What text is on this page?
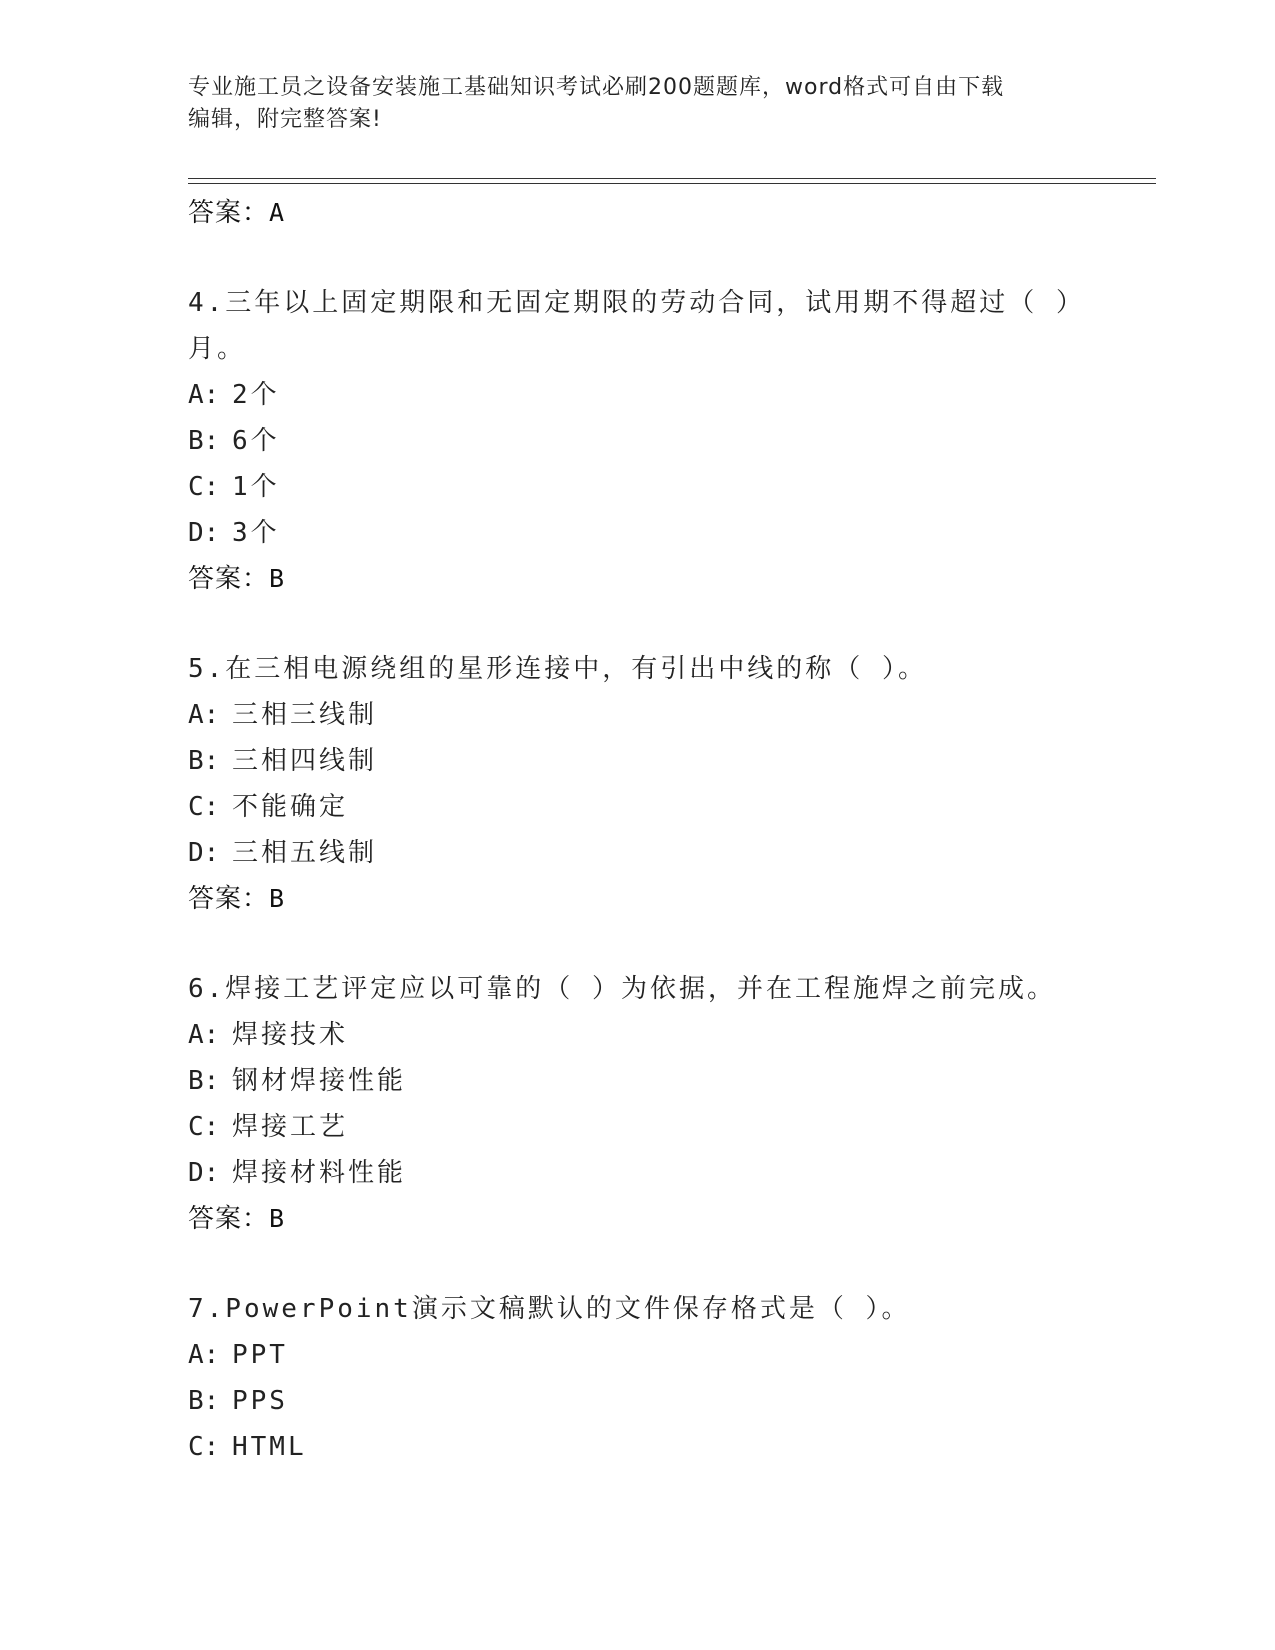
专业施工员之设备安装施工基础知识考试必刷200题题库，word格式可自由下载
编辑，附完整答案!
答案：A
4.三年以上固定期限和无固定期限的劳动合同，试用期不得超过（ ）
月。
A: 2个
B: 6个
C: 1个
D: 3个
答案：B
5.在三相电源绕组的星形连接中，有引出中线的称（ ）。
A: 三相三线制
B: 三相四线制
C: 不能确定
D: 三相五线制
答案：B
6.焊接工艺评定应以可靠的（ ）为依据，并在工程施焊之前完成。
A: 焊接技术
B: 钢材焊接性能
C: 焊接工艺
D: 焊接材料性能
答案：B
7.PowerPoint演示文稿默认的文件保存格式是（ ）。
A: PPT
B: PPS
C: HTML
